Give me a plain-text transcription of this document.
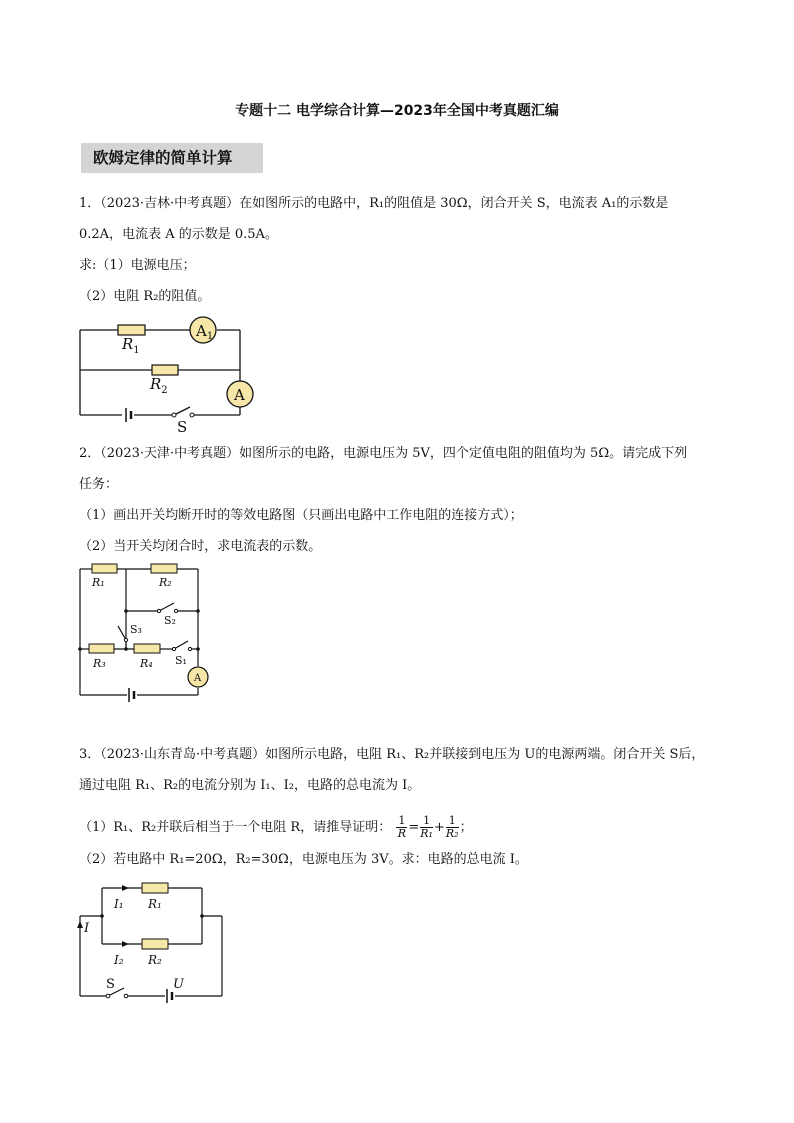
专题十二 电学综合计算—2023年全国中考真题汇编
欧姆定律的简单计算
1．（2023·吉林·中考真题）在如图所示的电路中，R₁的阻值是 30Ω，闭合开关 S，电流表 A₁的示数是
0.2A，电流表 A 的示数是 0.5A。
求:（1）电源电压；
（2）电阻 R₂的阻值。
$A_1$
A
$R_1$
$R_2$
S
2．（2023·天津·中考真题）如图所示的电路，电源电压为 5V，四个定值电阻的阻值均为 5Ω。请完成下列
任务：
（1）画出开关均断开时的等效电路图（只画出电路中工作电阻的连接方式）；
（2）当开关均闭合时，求电流表的示数。
R₁	R₂
S₂
S₃
R₃	R₄ S₁
A
3．（2023·山东青岛·中考真题）如图所示电路，电阻 R₁、R₂并联接到电压为 U的电源两端。闭合开关 S后，
通过电阻 R₁、R₂的电流分别为 I₁、I₂，电路的总电流为 I。
（1）R₁、R₂并联后相当于一个电阻 R，请推导证明： $\frac{1}{R} = \frac{1}{\text{R₁}} + \frac{1}{\text{R₂}}$ ；
（2）若电路中 R₁=20Ω，R₂=30Ω，电源电压为 3V。求：电路的总电流 I。
I₁ R₁
I
I₂ R₂
S	U
